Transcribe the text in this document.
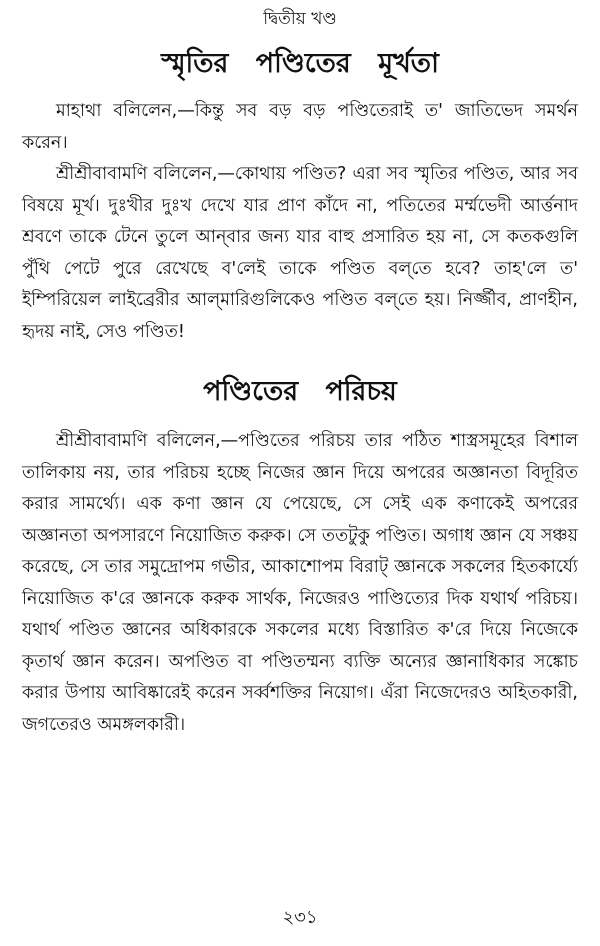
দ্বিতীয় খণ্ড
স্মৃতির পণ্ডিতের মূর্খতা

মাহাথা বলিলেন,—কিন্তু সব বড় বড় পণ্ডিতেরাই ত' জাতিভেদ সমর্থন করেন।

শ্রীশ্রীবাবামণি বলিলেন,—কোথায় পণ্ডিত? এরা সব স্মৃতির পণ্ডিত, আর সব বিষয়ে মূর্খ। দুঃখীর দুঃখ দেখে যার প্রাণ কাঁদে না, পতিতের মর্ম্মভেদী আর্ত্তনাদ শ্রবণে তাকে টেনে তুলে আন্‌বার জন্য যার বাহু প্রসারিত হয় না, সে কতকগুলি পুঁথি পেটে পুরে রেখেছে ব'লেই তাকে পণ্ডিত বল্‌তে হবে? তাহ'লে ত' ইম্পিরিয়েল লাইব্রেরীর আল্‌মারিগুলিকেও পণ্ডিত বল্‌তে হয়। নির্জ্জীব, প্রাণহীন, হৃদয় নাই, সেও পণ্ডিত!

পণ্ডিতের পরিচয়

শ্রীশ্রীবাবামণি বলিলেন,—পণ্ডিতের পরিচয় তার পঠিত শাস্ত্রসমূহের বিশাল তালিকায় নয়, তার পরিচয় হচ্ছে নিজের জ্ঞান দিয়ে অপরের অজ্ঞানতা বিদূরিত করার সামর্থ্যে। এক কণা জ্ঞান যে পেয়েছে, সে সেই এক কণাকেই অপরের অজ্ঞানতা অপসারণে নিয়োজিত করুক। সে ততটুকু পণ্ডিত। অগাধ জ্ঞান যে সঞ্চয় করেছে, সে তার সমুদ্রোপম গভীর, আকাশোপম বিরাট্‌ জ্ঞানকে সকলের হিতকার্য্যে নিয়োজিত ক'রে জ্ঞানকে করুক সার্থক, নিজেরও পাণ্ডিত্যের দিক যথার্থ পরিচয়। যথার্থ পণ্ডিত জ্ঞানের অধিকারকে সকলের মধ্যে বিস্তারিত ক'রে দিয়ে নিজেকে কৃতার্থ জ্ঞান করেন। অপণ্ডিত বা পণ্ডিতম্মন্য ব্যক্তি অন্যের জ্ঞানাধিকার সঙ্কোচ করার উপায় আবিষ্কারেই করেন সর্ব্বশক্তির নিয়োগ। এঁরা নিজেদেরও অহিতকারী, জগতেরও অমঙ্গলকারী।

২৩১
